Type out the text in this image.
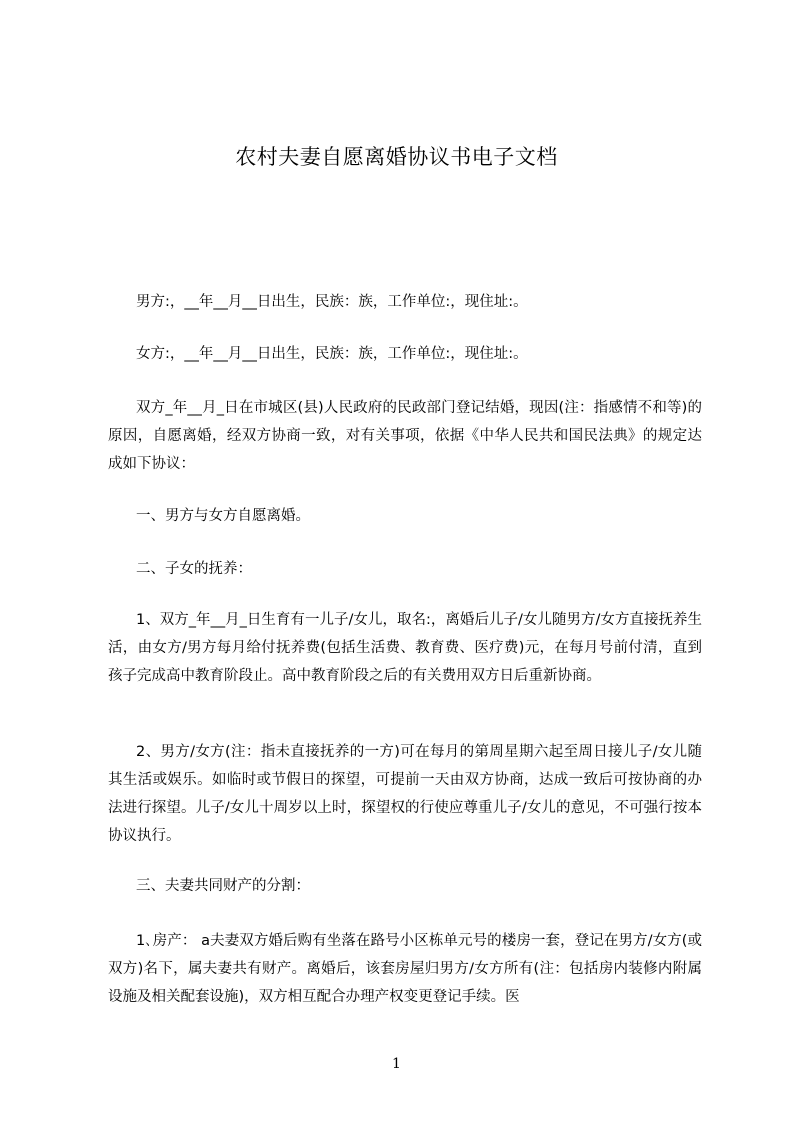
农村夫妻自愿离婚协议书电子文档
男方:，__年__月__日出生，民族：族，工作单位:，现住址:。
女方:，__年__月__日出生，民族：族，工作单位:，现住址:。
双方_年__月_日在市城区(县)人民政府的民政部门登记结婚，现因(注：指感情不和等)的原因，自愿离婚，经双方协商一致，对有关事项，依据《中华人民共和国民法典》的规定达成如下协议：
一、男方与女方自愿离婚。
二、子女的抚养：
1、双方_年__月_日生育有一儿子/女儿，取名:，离婚后儿子/女儿随男方/女方直接抚养生活，由女方/男方每月给付抚养费(包括生活费、教育费、医疗费)元，在每月号前付清，直到孩子完成高中教育阶段止。高中教育阶段之后的有关费用双方日后重新协商。
2、男方/女方(注：指未直接抚养的一方)可在每月的第周星期六起至周日接儿子/女儿随其生活或娱乐。如临时或节假日的探望，可提前一天由双方协商，达成一致后可按协商的办法进行探望。儿子/女儿十周岁以上时，探望权的行使应尊重儿子/女儿的意见，不可强行按本协议执行。
三、夫妻共同财产的分割：
1､房产： a夫妻双方婚后购有坐落在路号小区栋单元号的楼房一套，登记在男方/女方(或双方)名下，属夫妻共有财产。离婚后，该套房屋归男方/女方所有(注：包括房内装修内附属设施及相关配套设施)，双方相互配合办理产权变更登记手续。医
1
